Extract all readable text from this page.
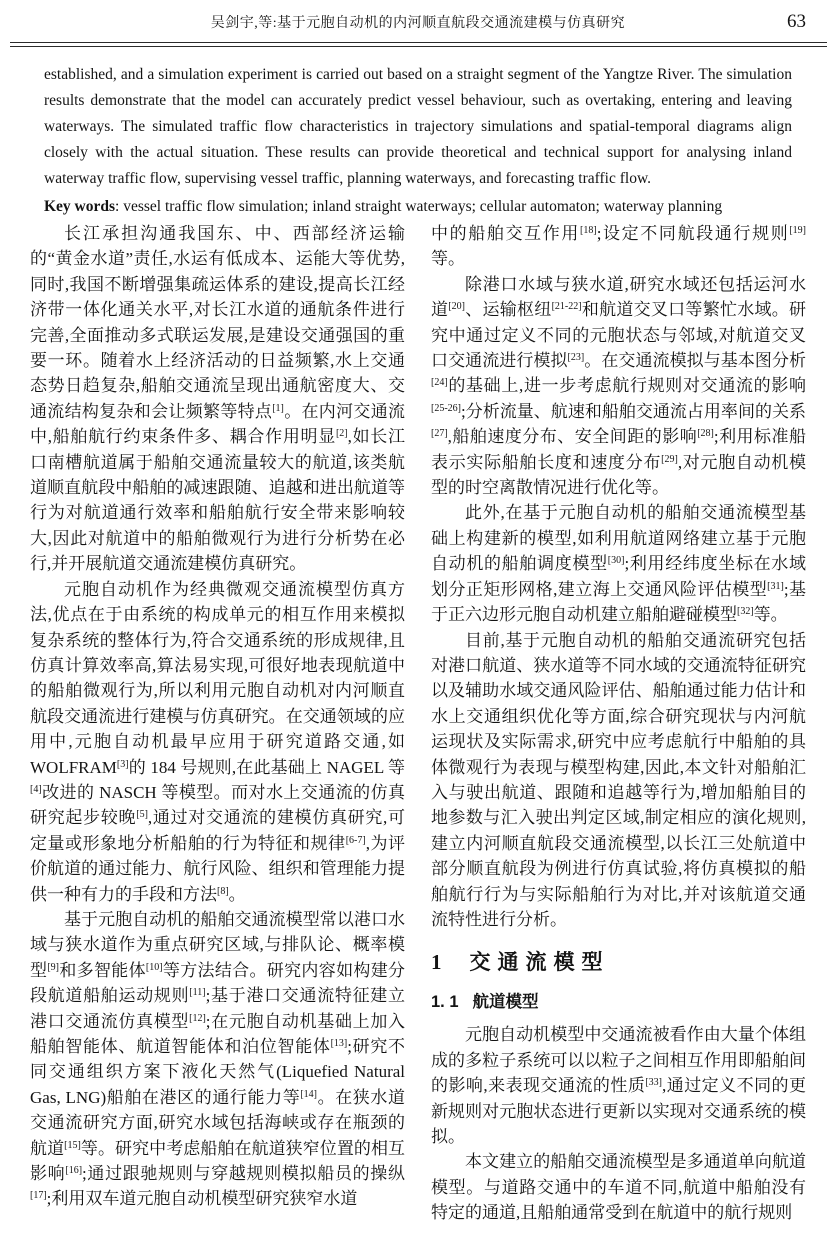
吴剑宇,等:基于元胞自动机的内河顺直航段交通流建模与仿真研究	63

established, and a simulation experiment is carried out based on a straight segment of the Yangtze River. The simulation results demonstrate that the model can accurately predict vessel behaviour, such as overtaking, entering and leaving waterways. The simulated traffic flow characteristics in trajectory simulations and spatial-temporal diagrams align closely with the actual situation. These results can provide theoretical and technical support for analysing inland waterway traffic flow, supervising vessel traffic, planning waterways, and forecasting traffic flow.

Key words: vessel traffic flow simulation; inland straight waterways; cellular automaton; waterway planning

长江承担沟通我国东、中、西部经济运输的“黄金水道”责任,水运有低成本、运能大等优势,同时,我国不断增强集疏运体系的建设,提高长江经济带一体化通关水平,对长江水道的通航条件进行完善,全面推动多式联运发展,是建设交通强国的重要一环。随着水上经济活动的日益频繁,水上交通态势日趋复杂,船舶交通流呈现出通航密度大、交通流结构复杂和会让频繁等特点[1]。在内河交通流中,船舶航行约束条件多、耦合作用明显[2],如长江口南槽航道属于船舶交通流量较大的航道,该类航道顺直航段中船舶的减速跟随、追越和进出航道等行为对航道通行效率和船舶航行安全带来影响较大,因此对航道中的船舶微观行为进行分析势在必行,并开展航道交通流建模仿真研究。

元胞自动机作为经典微观交通流模型仿真方法,优点在于由系统的构成单元的相互作用来模拟复杂系统的整体行为,符合交通系统的形成规律,且仿真计算效率高,算法易实现,可很好地表现航道中的船舶微观行为,所以利用元胞自动机对内河顺直航段交通流进行建模与仿真研究。在交通领域的应用中,元胞自动机最早应用于研究道路交通,如WOLFRAM[3]的 184 号规则,在此基础上 NAGEL 等[4]改进的 NASCH 等模型。而对水上交通流的仿真研究起步较晚[5],通过对交通流的建模仿真研究,可定量或形象地分析船舶的行为特征和规律[6-7],为评价航道的通过能力、航行风险、组织和管理能力提供一种有力的手段和方法[8]。

基于元胞自动机的船舶交通流模型常以港口水域与狭水道作为重点研究区域,与排队论、概率模型[9]和多智能体[10]等方法结合。研究内容如构建分段航道船舶运动规则[11];基于港口交通流特征建立港口交通流仿真模型[12];在元胞自动机基础上加入船舶智能体、航道智能体和泊位智能体[13];研究不同交通组织方案下液化天然气(Liquefied Natural Gas, LNG)船舶在港区的通行能力等[14]。在狭水道交通流研究方面,研究水域包括海峡或存在瓶颈的航道[15]等。研究中考虑船舶在航道狭窄位置的相互影响[16];通过跟驰规则与穿越规则模拟船员的操纵[17];利用双车道元胞自动机模型研究狭窄水道

中的船舶交互作用[18];设定不同航段通行规则[19]等。

除港口水域与狭水道,研究水域还包括运河水道[20]、运输枢纽[21-22]和航道交叉口等繁忙水域。研究中通过定义不同的元胞状态与邻域,对航道交叉口交通流进行模拟[23]。在交通流模拟与基本图分析[24]的基础上,进一步考虑航行规则对交通流的影响[25-26];分析流量、航速和船舶交通流占用率间的关系[27],船舶速度分布、安全间距的影响[28];利用标准船表示实际船舶长度和速度分布[29],对元胞自动机模型的时空离散情况进行优化等。

此外,在基于元胞自动机的船舶交通流模型基础上构建新的模型,如利用航道网络建立基于元胞自动机的船舶调度模型[30];利用经纬度坐标在水域划分正矩形网格,建立海上交通风险评估模型[31];基于正六边形元胞自动机建立船舶避碰模型[32]等。

目前,基于元胞自动机的船舶交通流研究包括对港口航道、狭水道等不同水域的交通流特征研究以及辅助水域交通风险评估、船舶通过能力估计和水上交通组织优化等方面,综合研究现状与内河航运现状及实际需求,研究中应考虑航行中船舶的具体微观行为表现与模型构建,因此,本文针对船舶汇入与驶出航道、跟随和追越等行为,增加船舶目的地参数与汇入驶出判定区域,制定相应的演化规则,建立内河顺直航段交通流模型,以长江三处航道中部分顺直航段为例进行仿真试验,将仿真模拟的船舶航行行为与实际船舶行为对比,并对该航道交通流特性进行分析。

1 交通流模型
1. 1 航道模型

元胞自动机模型中交通流被看作由大量个体组成的多粒子系统可以以粒子之间相互作用即船舶间的影响,来表现交通流的性质[33],通过定义不同的更新规则对元胞状态进行更新以实现对交通系统的模拟。

本文建立的船舶交通流模型是多通道单向航道模型。与道路交通中的车道不同,航道中船舶没有特定的通道,且船舶通常受到在航道中的航行规则
